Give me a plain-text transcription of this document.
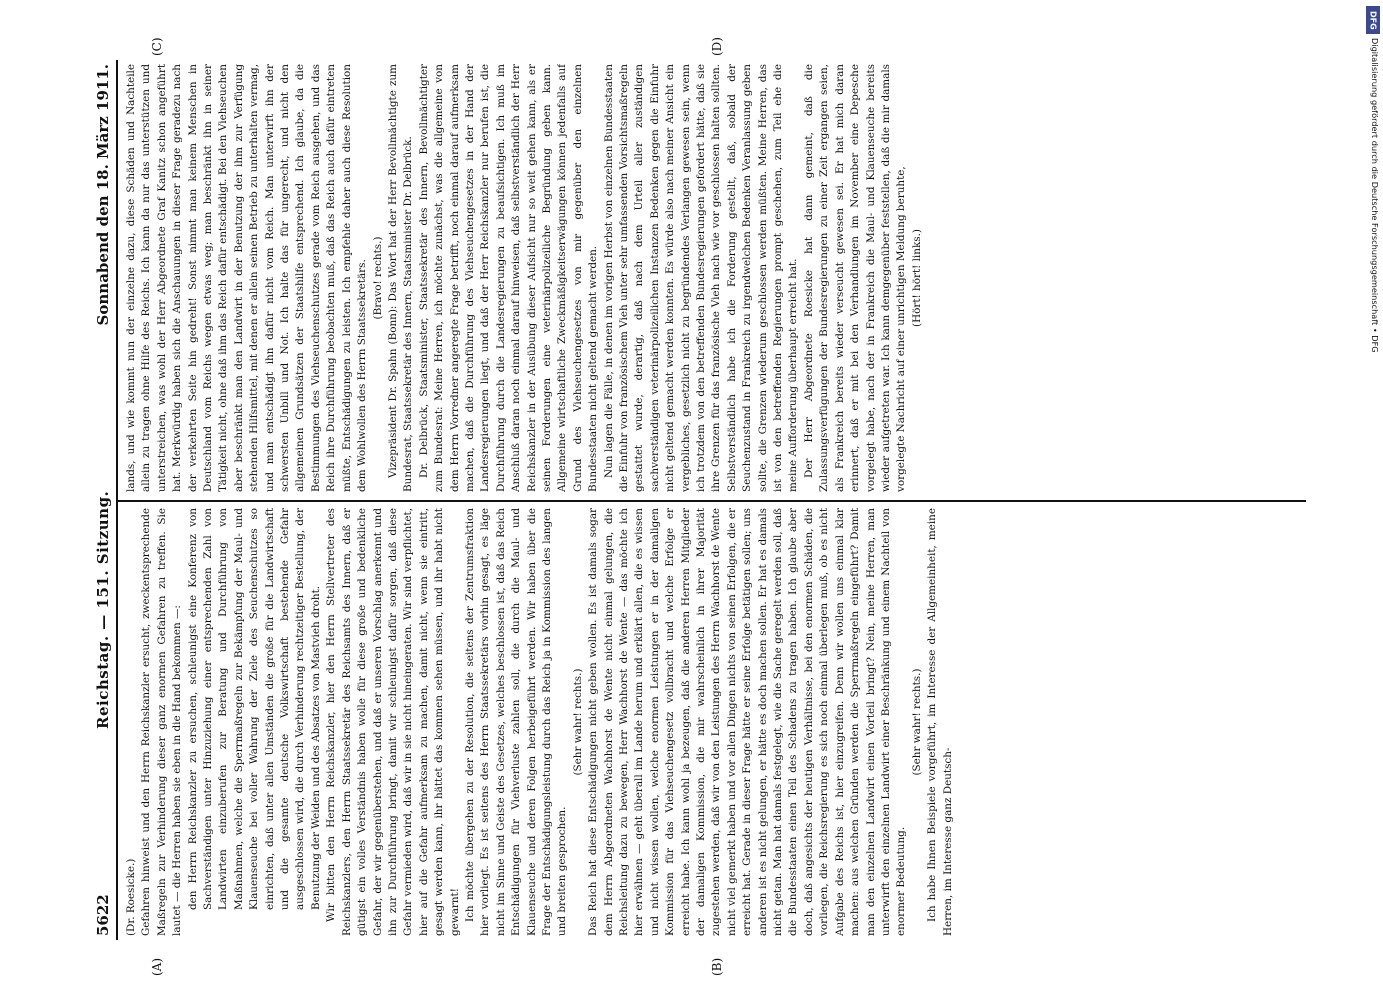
5622
Reichstag. — 151. Sitzung.
Sonnabend den 18. März 1911.

(Dr. Roesicke.) Gefahren hinweist und den Herrn Reichskanzler ersucht, zweckentsprechende Maßregeln zur Verhinderung dieser ganz enormen Gefahren zu treffen. Sie lautet — die Herren haben sie eben in die Hand bekommen —: den Herrn Reichskanzler zu ersuchen, schleunigst eine Konferenz von Sachverständigen unter Hinzuziehung einer entsprechenden Zahl von Landwirten einzuberufen zur Beratung und Durchführung von Maßnahmen, welche die Sperrmaßregeln zur Bekämpfung der Maul- und Klauenseuche bei voller Wahrung der Ziele des Seuchenschutzes so einrichten, daß unter allen Umständen die große für die Landwirtschaft und die gesamte deutsche Volkswirtschaft bestehende Gefahr ausgeschlossen wird, die durch Verhinderung rechtzeitiger Bestellung, der Benutzung der Weiden und des Absatzes von Mastvieh droht. Wir bitten den Herrn Reichskanzler, hier den Herrn Stellvertreter des Reichskanzlers, den Herrn Staatssekretär des Reichsamts des Innern, daß er gütigst ein volles Verständnis haben wolle für diese große und bedenkliche Gefahr, der wir gegenüberstehen, und daß er unseren Vorschlag anerkennt und ihn zur Durchführung bringt, damit wir schleunigst dafür sorgen, daß diese Gefahr vermieden wird, daß wir in sie nicht hineingeraten. Wir sind verpflichtet, hier auf die Gefahr aufmerksam zu machen, damit nicht, wenn sie eintritt, gesagt werden kann, ihr hättet das kommen sehen müssen, und ihr habt nicht gewarnt! Ich möchte übergehen zu der Resolution, die seitens der Zentrumsfraktion hier vorliegt. Es ist seitens des Herrn Staatssekretärs vorhin gesagt, es läge nicht im Sinne und Geiste des Gesetzes, welches beschlossen ist, daß das Reich Entschädigungen für Viehverluste zahlen soll, die durch die Maul- und Klauenseuche und deren Folgen herbeigeführt werden. Wir haben über die Frage der Entschädigungsleistung durch das Reich ja in Kommission des langen und breiten gesprochen.

(Sehr wahr! rechts.) Das Reich hat diese Entschädigungen nicht geben wollen. Es ist damals sogar dem Herrn Abgeordneten Wachhorst de Wente nicht einmal gelungen, die Reichsleitung dazu zu bewegen, Herr Wachhorst de Wente — das möchte ich hier erwähnen — geht überall im Lande herum und erklärt allen, die es wissen und nicht wissen wollen, welche enormen Leistungen er in der damaligen Kommission für das Viehseuchengesetz vollbracht und welche Erfolge er erreicht habe. Ich kann wohl ja bezeugen, daß die anderen Herren Mitglieder der damaligen Kommission, die mir wahrscheinlich in ihrer Majorität zugestehen werden, daß wir von den Leistungen des Herrn Wachhorst de Wente nicht viel gemerkt haben und vor allen Dingen nichts von seinen Erfolgen, die er erreicht hat. Gerade in dieser Frage hätte er seine Erfolge betätigen sollen; uns anderen ist es nicht gelungen, er hätte es doch machen sollen. Er hat es damals nicht getan. Man hat damals festgelegt, wie die Sache geregelt werden soll, daß die Bundesstaaten einen Teil des Schadens zu tragen haben. Ich glaube aber doch, daß angesichts der heutigen Verhältnisse, bei den enormen Schäden, die vorliegen, die Reichsregierung es sich noch einmal überlegen muß, ob es nicht Aufgabe des Reichs ist, hier einzugreifen. Denn wir wollen uns einmal klar machen: aus welchen Gründen werden die Sperrmaßregeln eingeführt? Damit man den einzelnen Landwirt einen Vorteil bringt? Nein, meine Herren, man unterwirft den einzelnen Landwirt einer Beschränkung und einem Nachteil von enormer Bedeutung.

(Sehr wahr! rechts.) Ich habe Ihnen Beispiele vorgeführt, im Interesse der Allgemeinheit, meine Herren, im Interesse ganz Deutsch-

lands, und wie kommt nun der einzelne dazu, diese Schäden und Nachteile allein zu tragen ohne Hilfe des Reichs. Ich kann da nur das unterstützen und unterstreichen, was wohl der Herr Abgeordnete Graf Kanitz schon angeführt hat. Merkwürdig haben sich die Anschauungen in dieser Frage geradezu nach der verkehrten Seite hin gedreht! Sonst nimmt man keinem Menschen in Deutschland vom Reichs wegen etwas weg; man beschränkt ihn in seiner Tätigkeit nicht, ohne daß ihm das Reich dafür entschädigt. Bei den Viehseuchen aber beschränkt man den Landwirt in der Benutzung der ihm zur Verfügung stehenden Hilfsmittel, mit denen er allein seinen Betrieb zu unterhalten vermag, und man entschädigt ihn dafür nicht vom Reich. Man unterwirft ihn der schwersten Unbill und Not. Ich halte das für ungerecht, und nicht den allgemeinen Grundsätzen der Staatshilfe entsprechend. Ich glaube, da die Bestimmungen des Viehseuchenschutzes gerade vom Reich ausgehen, und das Reich ihre Durchführung beobachten muß, daß das Reich auch dafür eintreten müßte, Entschädigungen zu leisten. Ich empfehle daher auch diese Resolution dem Wohlwollen des Herrn Staatssekretärs. (Bravo! rechts.) Vizepräsident Dr. Spahn (Bonn): Das Wort hat der Herr Bevollmächtigte zum Bundesrat, Staatssekretär des Innern, Staatsminister Dr. Delbrück. Dr. Delbrück, Staatsminister, Staatssekretär des Innern, Bevollmächtigter zum Bundesrat: Meine Herren, ich möchte zunächst, was die allgemeine von dem Herrn Vorredner angeregte Frage betrifft, noch einmal darauf aufmerksam machen, daß die Durchführung des Viehseuchengesetzes in der Hand der Landesregierungen liegt, und daß der Herr Reichskanzler nur berufen ist, die Durchführung durch die Landesregierungen zu beaufsichtigen. Ich muß im Anschluß daran noch einmal darauf hinweisen, daß selbstverständlich der Herr Reichskanzler in der Ausübung dieser Aufsicht nur so weit gehen kann, als er seinen Forderungen eine veterinärpolizeiliche Begründung geben kann. Allgemeine wirtschaftliche Zweckmäßigkeitserwägungen können jedenfalls auf Grund des Viehseuchengesetzes von mir gegenüber den einzelnen Bundesstaaten nicht geltend gemacht werden. Nun lagen die Fälle, in denen im vorigen Herbst von einzelnen Bundesstaaten die Einfuhr von französischem Vieh unter sehr umfassenden Vorsichtsmaßregeln gestattet wurde, derartig, daß nach dem Urteil aller zuständigen sachverständigen veterinärpolizeilichen Instanzen Bedenken gegen die Einfuhr nicht geltend gemacht werden konnten. Es würde also nach meiner Ansicht ein vergebliches, gesetzlich nicht zu begründendes Verlangen gewesen sein, wenn ich trotzdem von den betreffenden Bundesregierungen gefordert hätte, daß sie ihre Grenzen für das französische Vieh nach wie vor geschlossen halten sollten. Selbstverständlich habe ich die Forderung gestellt, daß, sobald der Seuchenzustand in Frankreich zu irgendwelchen Bedenken Veranlassung geben sollte, die Grenzen wiederum geschlossen werden müßten. Meine Herren, das ist von den betreffenden Regierungen prompt geschehen, zum Teil ehe die meine Aufforderung überhaupt erreicht hat. Der Herr Abgeordnete Roesicke hat dann gemeint, daß die Zulassungsverfügungen der Bundesregierungen zu einer Zeit ergangen seien, als Frankreich bereits wieder verseucht gewesen sei. Er hat mich daran erinnert, daß er mit bei den Verhandlungen im November eine Depesche vorgelegt habe, nach der in Frankreich die Maul- und Klauenseuche bereits wieder aufgetreten war. Ich kann demgegenüber feststellen, daß die mir damals vorgelegte Nachricht auf einer unrichtigen Meldung beruhte, (Hört! hört! links.)

(A)	(B)
(C)	(D)
DFG
Digitalisierung gefördert durch die Deutsche Forschungsgemeinschaft • DFG
